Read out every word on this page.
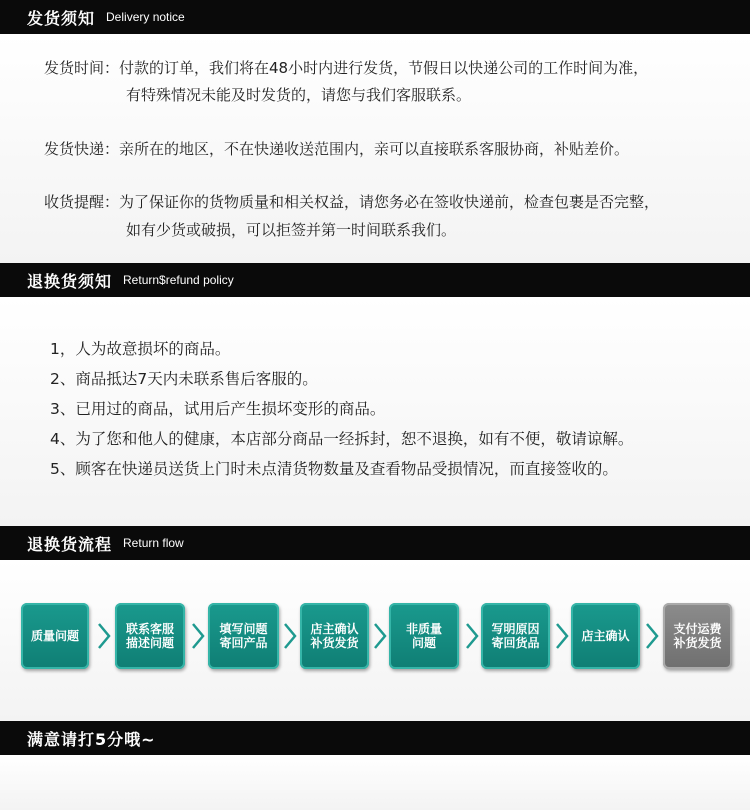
发货须知 Delivery notice
发货时间：付款的订单，我们将在48小时内进行发货，节假日以快递公司的工作时间为准，
有特殊情况未能及时发货的，请您与我们客服联系。
发货快递：亲所在的地区，不在快递收送范围内，亲可以直接联系客服协商，补贴差价。
收货提醒：为了保证你的货物质量和相关权益，请您务必在签收快递前，检查包裹是否完整，
如有少货或破损，可以拒签并第一时间联系我们。
退换货须知 Return$refund policy
1，人为故意损坏的商品。
2、商品抵达7天内未联系售后客服的。
3、已用过的商品，试用后产生损坏变形的商品。
4、为了您和他人的健康，本店部分商品一经拆封，恕不退换，如有不便，敬请谅解。
5、顾客在快递员送货上门时未点清货物数量及查看物品受损情况，而直接签收的。
退换货流程 Return flow
质量问题	联系客服
描述问题
填写问题
寄回产品
店主确认
补货发货
非质量
问题
写明原因
寄回货品	店主确认	支付运费
补货发货
满意请打5分哦~
